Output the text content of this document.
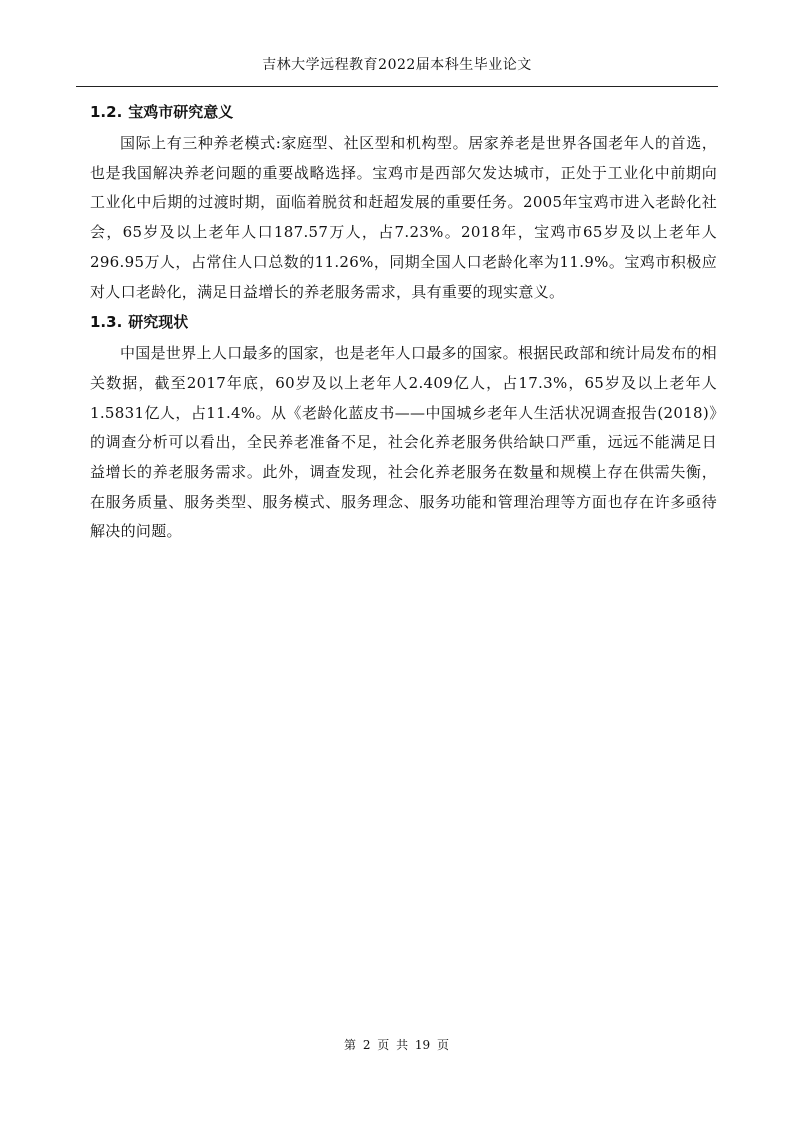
吉林大学远程教育2022届本科生毕业论文
1.2. 宝鸡市研究意义

国际上有三种养老模式:家庭型、社区型和机构型。居家养老是世界各国老年人的首选，也是我国解决养老问题的重要战略选择。宝鸡市是西部欠发达城市，正处于工业化中前期向工业化中后期的过渡时期，面临着脱贫和赶超发展的重要任务。2005年宝鸡市进入老龄化社会，65岁及以上老年人口187.57万人，占7.23%。2018年，宝鸡市65岁及以上老年人296.95万人，占常住人口总数的11.26%，同期全国人口老龄化率为11.9%。宝鸡市积极应对人口老龄化，满足日益增长的养老服务需求，具有重要的现实意义。

1.3. 研究现状

中国是世界上人口最多的国家，也是老年人口最多的国家。根据民政部和统计局发布的相关数据，截至2017年底，60岁及以上老年人2.409亿人，占17.3%，65岁及以上老年人1.5831亿人，占11.4%。从《老龄化蓝皮书——中国城乡老年人生活状况调查报告(2018)》的调查分析可以看出，全民养老准备不足，社会化养老服务供给缺口严重，远远不能满足日益增长的养老服务需求。此外，调查发现，社会化养老服务在数量和规模上存在供需失衡，在服务质量、服务类型、服务模式、服务理念、服务功能和管理治理等方面也存在许多亟待解决的问题。

第 2 页 共 19 页
